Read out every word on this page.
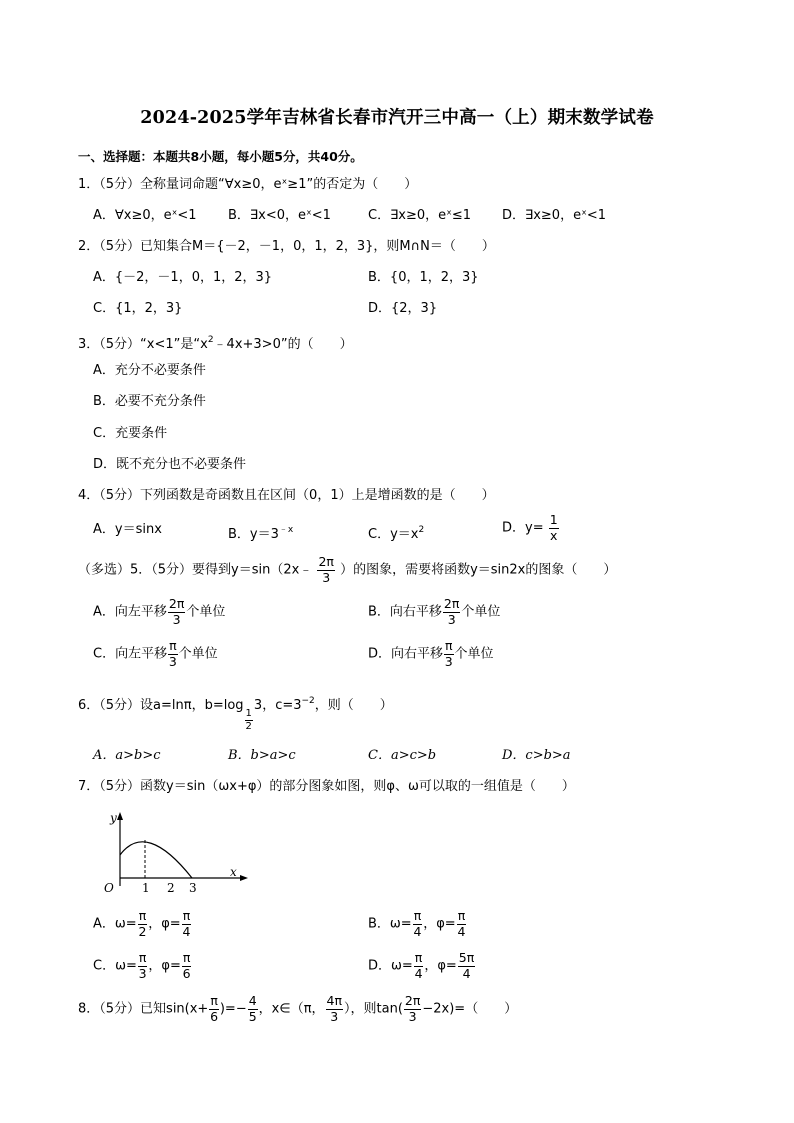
2024-2025学年吉林省长春市汽开三中高一（上）期末数学试卷
一、选择题：本题共8小题，每小题5分，共40分。
1．（5分）全称量词命题“∀x≥0，eˣ≥1”的否定为（　　）
A．∀x≥0，eˣ<1 B．∃x<0，eˣ<1	C．∃x≥0，eˣ≤1 D．∃x≥0，eˣ<1
2．（5分）已知集合M＝{－2，－1，0，1，2，3}，则M∩N＝（　　）
A．{－2，－1，0，1，2，3}	B．{0，1，2，3}
C．{1，2，3}	D．{2，3}
3．（5分）“x<1”是“$x^2﹣4x+3>0$”的（　　）
A．充分不必要条件
B．必要不充分条件
C．充要条件
D．既不充分也不必要条件
4．（5分）下列函数是奇函数且在区间（0，1）上是增函数的是（　　）
A．y＝sinx	B．$y=3^{﹣x}$	C．$y=x^2$	D．$y= \frac{1}{x}$
（多选）5．（5分）要得到y＝sin（2x﹣ $\frac{2\pi}{3}$ ）的图象，需要将函数y＝sin2x的图象（　　）
A．向左平移 $\frac{2\pi}{3}$ 个单位	B．向右平移 $\frac{2\pi}{3}$ 个单位
C．向左平移 $\frac{\pi}{3}$ 个单位	D．向右平移 $\frac{\pi}{3}$ 个单位
6．（5分）设a=lnπ，b=log
$\frac{1}{2}$
3，$c=3^{-2}$，则（　　）
A．a>b>c	B．b>a>c	C．a>c>b	D．c>b>a
7．（5分）函数y＝sin（ωx+φ）的部分图象如图，则φ、ω可以取的一组值是（　　）
y
x
O 1 2 3
A．$\omega= \frac{\pi}{2}$ ，$\varphi= \frac{\pi}{4}$	B．$\omega= \frac{\pi}{4}$ ，$\varphi= \frac{\pi}{4}$
C．$\omega= \frac{\pi}{3}$ ，$\varphi= \frac{\pi}{6}$	D．$\omega= \frac{\pi}{4}$ ，$\varphi= \frac{5\pi}{4}$
8．（5分）已知$\sin(x+ \frac{\pi}{6}$ )=− $\frac{4}{5}$ ，x∈（π， $\frac{4\pi}{3}$ ），则$\tan( \frac{2\pi}{3} -2x)=$（　　）
